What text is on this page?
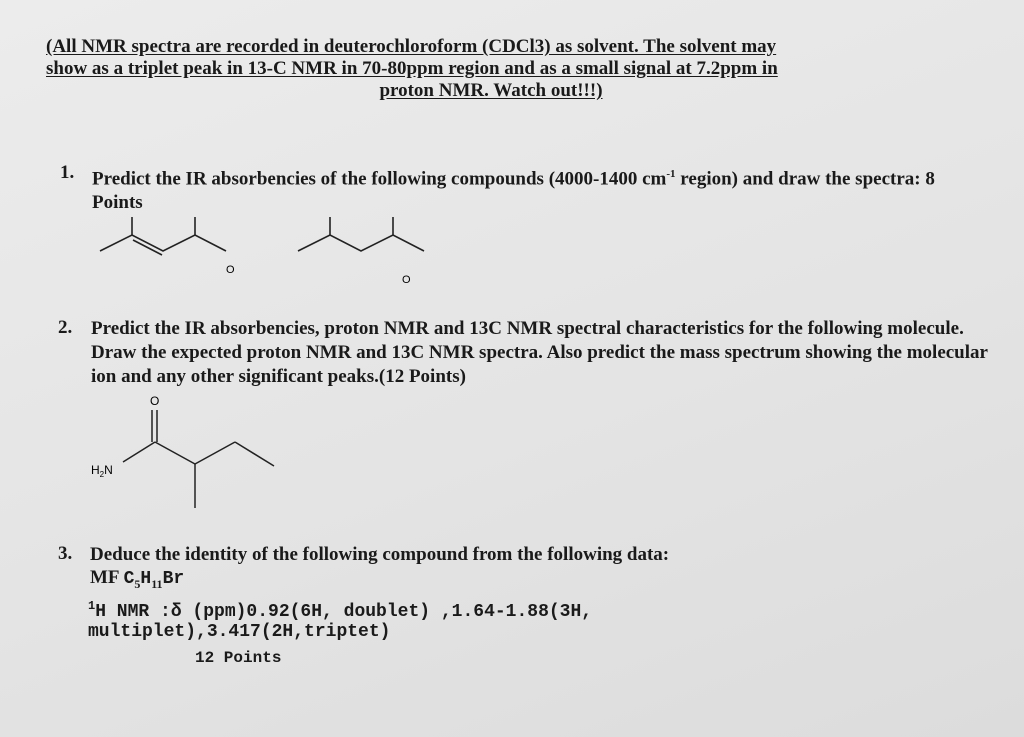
(All NMR spectra are recorded in deuterochloroform (CDCl3) as solvent. The solvent may
show as a triplet peak in 13-C NMR in 70-80ppm region and as a small signal at 7.2ppm in

proton NMR. Watch out!!!)
1. Predict the IR absorbencies of the following compounds (4000-1400 $cm^{-1}$ region) and draw the spectra: 8 Points
O
O
2. Predict the IR absorbencies, proton NMR and 13C NMR spectral characteristics for the following molecule. Draw the expected proton NMR and 13C NMR spectra. Also predict the mass spectrum showing the molecular ion and any other significant peaks.(12 Points)
O
$H_2N$
3. Deduce the identity of the following compound from the following data:
MF $C_5H_{11}Br$
$^1$H NMR :δ (ppm)0.92(6H, doublet) ,1.64-1.88(3H,
multiplet),3.417(2H,triptet)
12 Points
